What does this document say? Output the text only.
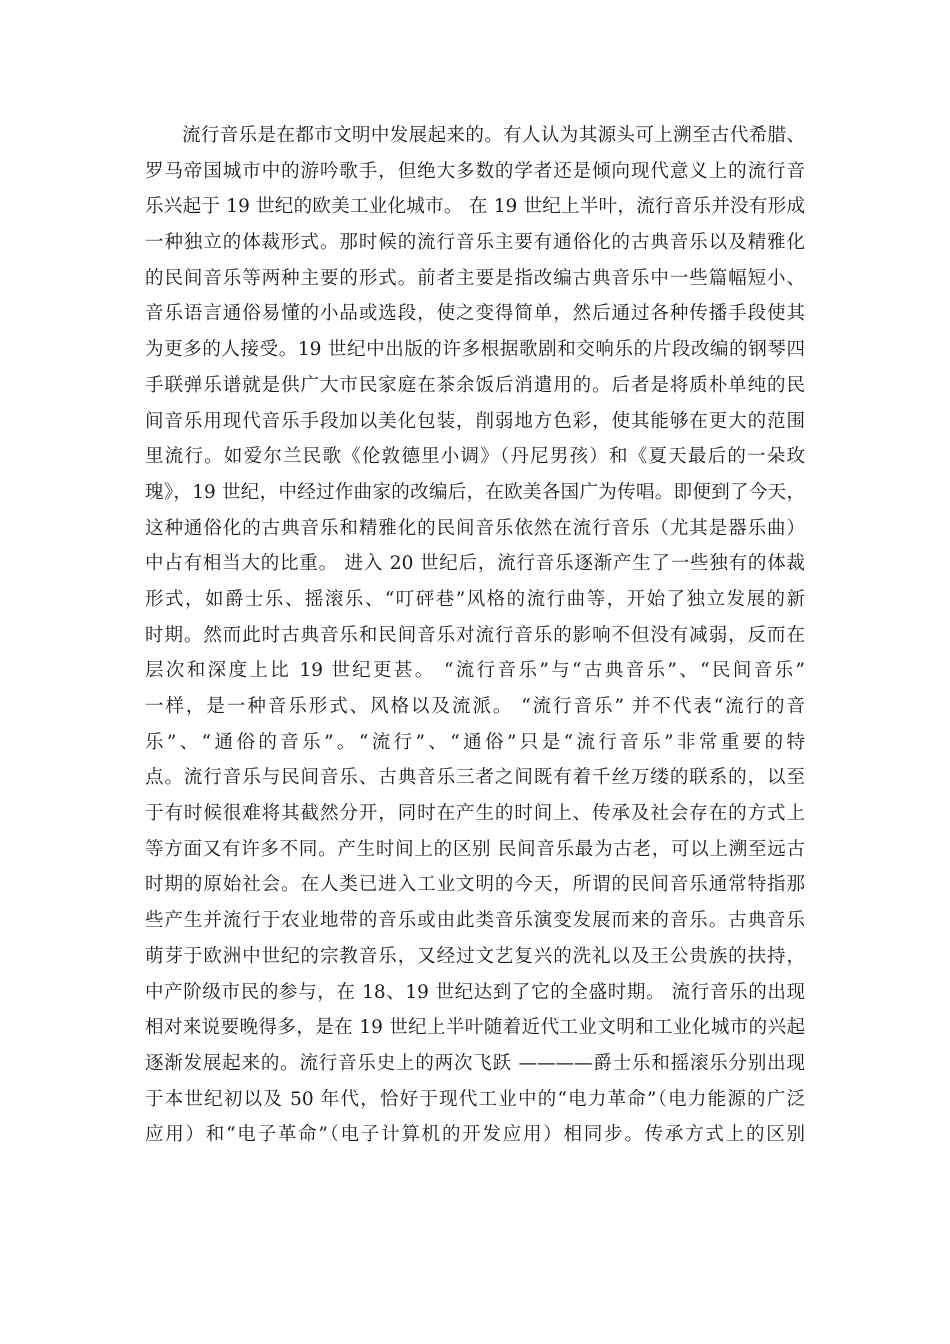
流行音乐是在都市文明中发展起来的。有人认为其源头可上溯至古代希腊、
罗马帝国城市中的游吟歌手，但绝大多数的学者还是倾向现代意义上的流行音
乐兴起于 19 世纪的欧美工业化城市。 在 19 世纪上半叶，流行音乐并没有形成
一种独立的体裁形式。那时候的流行音乐主要有通俗化的古典音乐以及精雅化
的民间音乐等两种主要的形式。前者主要是指改编古典音乐中一些篇幅短小、
音乐语言通俗易懂的小品或选段，使之变得简单，然后通过各种传播手段使其
为更多的人接受。19 世纪中出版的许多根据歌剧和交响乐的片段改编的钢琴四
手联弹乐谱就是供广大市民家庭在茶余饭后消遣用的。后者是将质朴单纯的民
间音乐用现代音乐手段加以美化包装，削弱地方色彩，使其能够在更大的范围
里流行。如爱尔兰民歌《伦敦德里小调》（丹尼男孩）和《夏天最后的一朵玫
瑰》，19 世纪，中经过作曲家的改编后，在欧美各国广为传唱。即便到了今天，
这种通俗化的古典音乐和精雅化的民间音乐依然在流行音乐（尤其是器乐曲）
中占有相当大的比重。 进入 20 世纪后，流行音乐逐渐产生了一些独有的体裁
形式，如爵士乐、摇滚乐、“叮砰巷”风格的流行曲等，开始了独立发展的新
时期。然而此时古典音乐和民间音乐对流行音乐的影响不但没有减弱，反而在
层次和深度上比 19 世纪更甚。 “流行音乐”与“古典音乐”、“民间音乐”
一样，是一种音乐形式、风格以及流派。 “流行音乐” 并不代表“流行的音
乐”、“通俗的音乐”。“流行”、“通俗”只是“流行音乐”非常重要的特
点。流行音乐与民间音乐、古典音乐三者之间既有着千丝万缕的联系的，以至
于有时候很难将其截然分开，同时在产生的时间上、传承及社会存在的方式上
等方面又有许多不同。产生时间上的区别 民间音乐最为古老，可以上溯至远古
时期的原始社会。在人类已进入工业文明的今天，所谓的民间音乐通常特指那
些产生并流行于农业地带的音乐或由此类音乐演变发展而来的音乐。古典音乐
萌芽于欧洲中世纪的宗教音乐，又经过文艺复兴的洗礼以及王公贵族的扶持，
中产阶级市民的参与，在 18、19 世纪达到了它的全盛时期。 流行音乐的出现
相对来说要晚得多，是在 19 世纪上半叶随着近代工业文明和工业化城市的兴起
逐渐发展起来的。流行音乐史上的两次飞跃 ————爵士乐和摇滚乐分别出现
于本世纪初以及 50 年代，恰好于现代工业中的“电力革命”（电力能源的广泛
应用）和“电子革命”（电子计算机的开发应用）相同步。传承方式上的区别
